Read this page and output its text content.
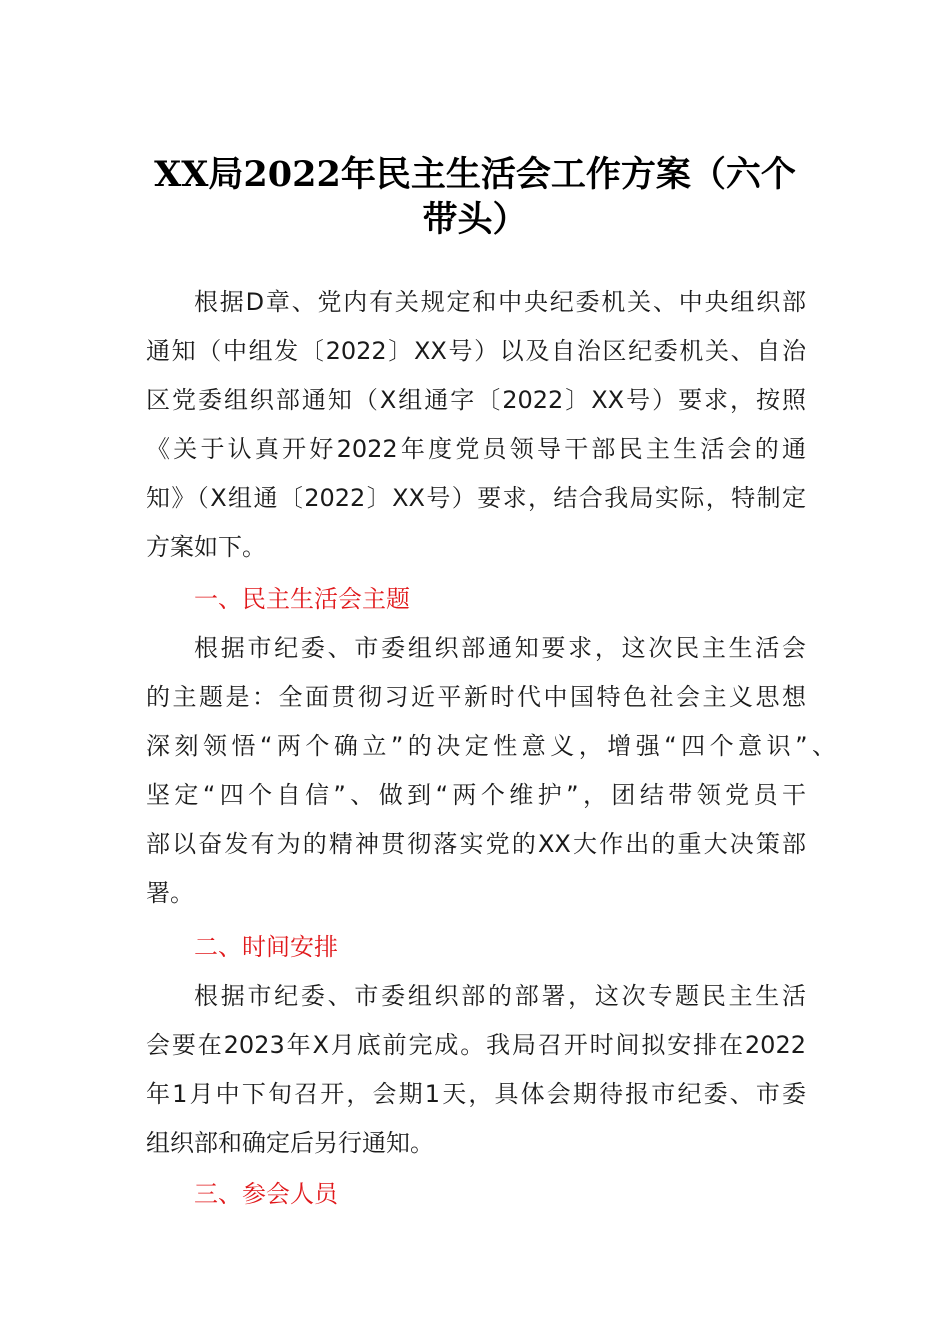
XX局2022年民主生活会工作方案（六个
带头）
根据D章、党内有关规定和中央纪委机关、中央组织部
通知（中组发〔2022〕XX号）以及自治区纪委机关、自治
区党委组织部通知（X组通字〔2022〕XX号）要求，按照
《关于认真开好2022年度党员领导干部民主生活会的通
知》（X组通〔2022〕XX号）要求，结合我局实际，特制定
方案如下。
一、民主生活会主题
根据市纪委、市委组织部通知要求，这次民主生活会
的主题是：全面贯彻习近平新时代中国特色社会主义思想
深刻领悟“两个确立”的决定性意义，增强“四个意识”、
坚定“四个自信”、做到“两个维护”，团结带领党员干
部以奋发有为的精神贯彻落实党的XX大作出的重大决策部
署。
二、时间安排
根据市纪委、市委组织部的部署，这次专题民主生活
会要在2023年X月底前完成。我局召开时间拟安排在2022
年1月中下旬召开，会期1天，具体会期待报市纪委、市委
组织部和确定后另行通知。
三、参会人员
